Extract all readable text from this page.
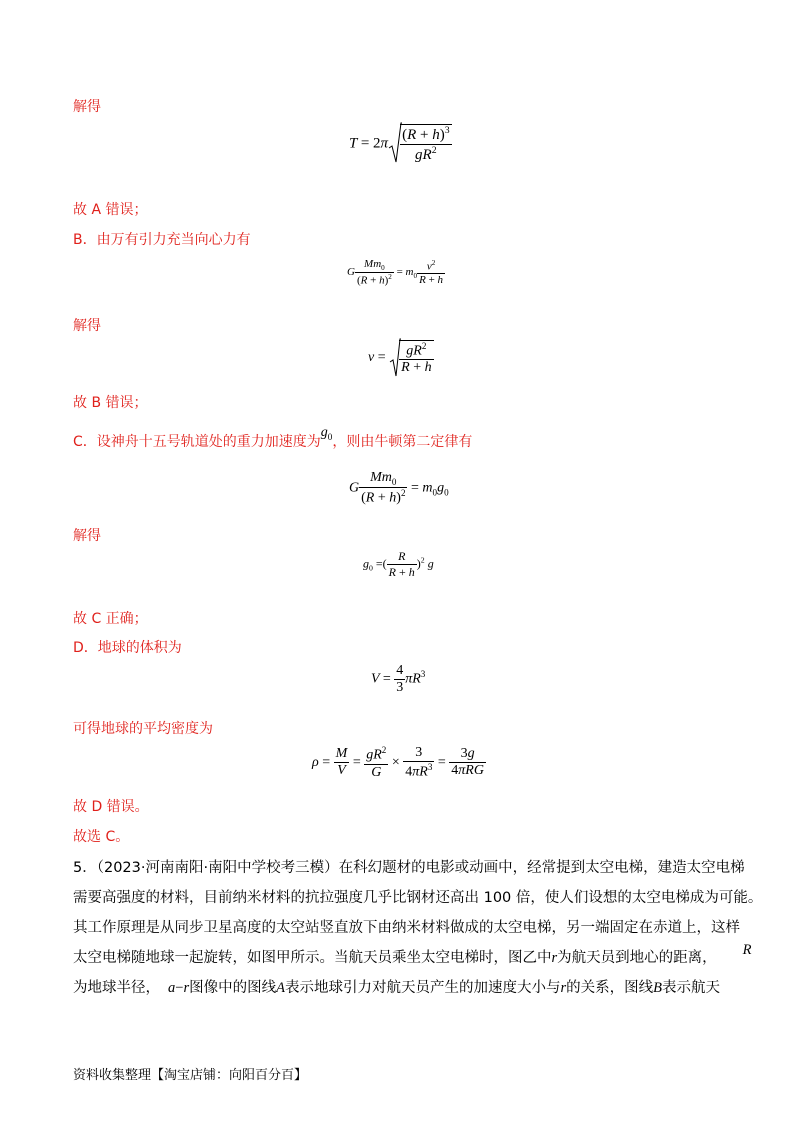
解得
$T = 2\pi \frac{(R + h)^3}{gR^2}$
故 A 错误；
B．由万有引力充当向心力有
G $\frac{Mm_0}{(R + h)^2} = m_0 \frac{v^2}{R + h}$
解得
$v = \frac{gR^2}{R + h}$
故 B 错误；
C．设神舟十五号轨道处的重力加速度为$g_0$，则由牛顿第二定律有
G $\frac{Mm_0}{(R + h)^2} = m_0g_0$
解得
$g_0$ =( $\frac{R}{R + h} )^2$ g
故 C 正确；
D．地球的体积为
$V = \frac{4}{3} \pi R^3$
可得地球的平均密度为
$\rho = \frac{M}{V} = \frac{gR^2}{G} \times \frac{3}{4\pi R^3} = \frac{3g}{\text{4πRG}}$
故 D 错误。
故选 C。

5．（2023·河南南阳·南阳中学校考三模）在科幻题材的电影或动画中，经常提到太空电梯，建造太空电梯

需要高强度的材料，目前纳米材料的抗拉强度几乎比钢材还高出 100 倍，使人们设想的太空电梯成为可能。

其工作原理是从同步卫星高度的太空站竖直放下由纳米材料做成的太空电梯，另一端固定在赤道上，这样

太空电梯随地球一起旋转，如图甲所示。当航天员乘坐太空电梯时，图乙中r为航天员到地心的距离， R

为地球半径， a−r图像中的图线A表示地球引力对航天员产生的加速度大小与r的关系，图线B表示航天

资料收集整理【淘宝店铺：向阳百分百】
